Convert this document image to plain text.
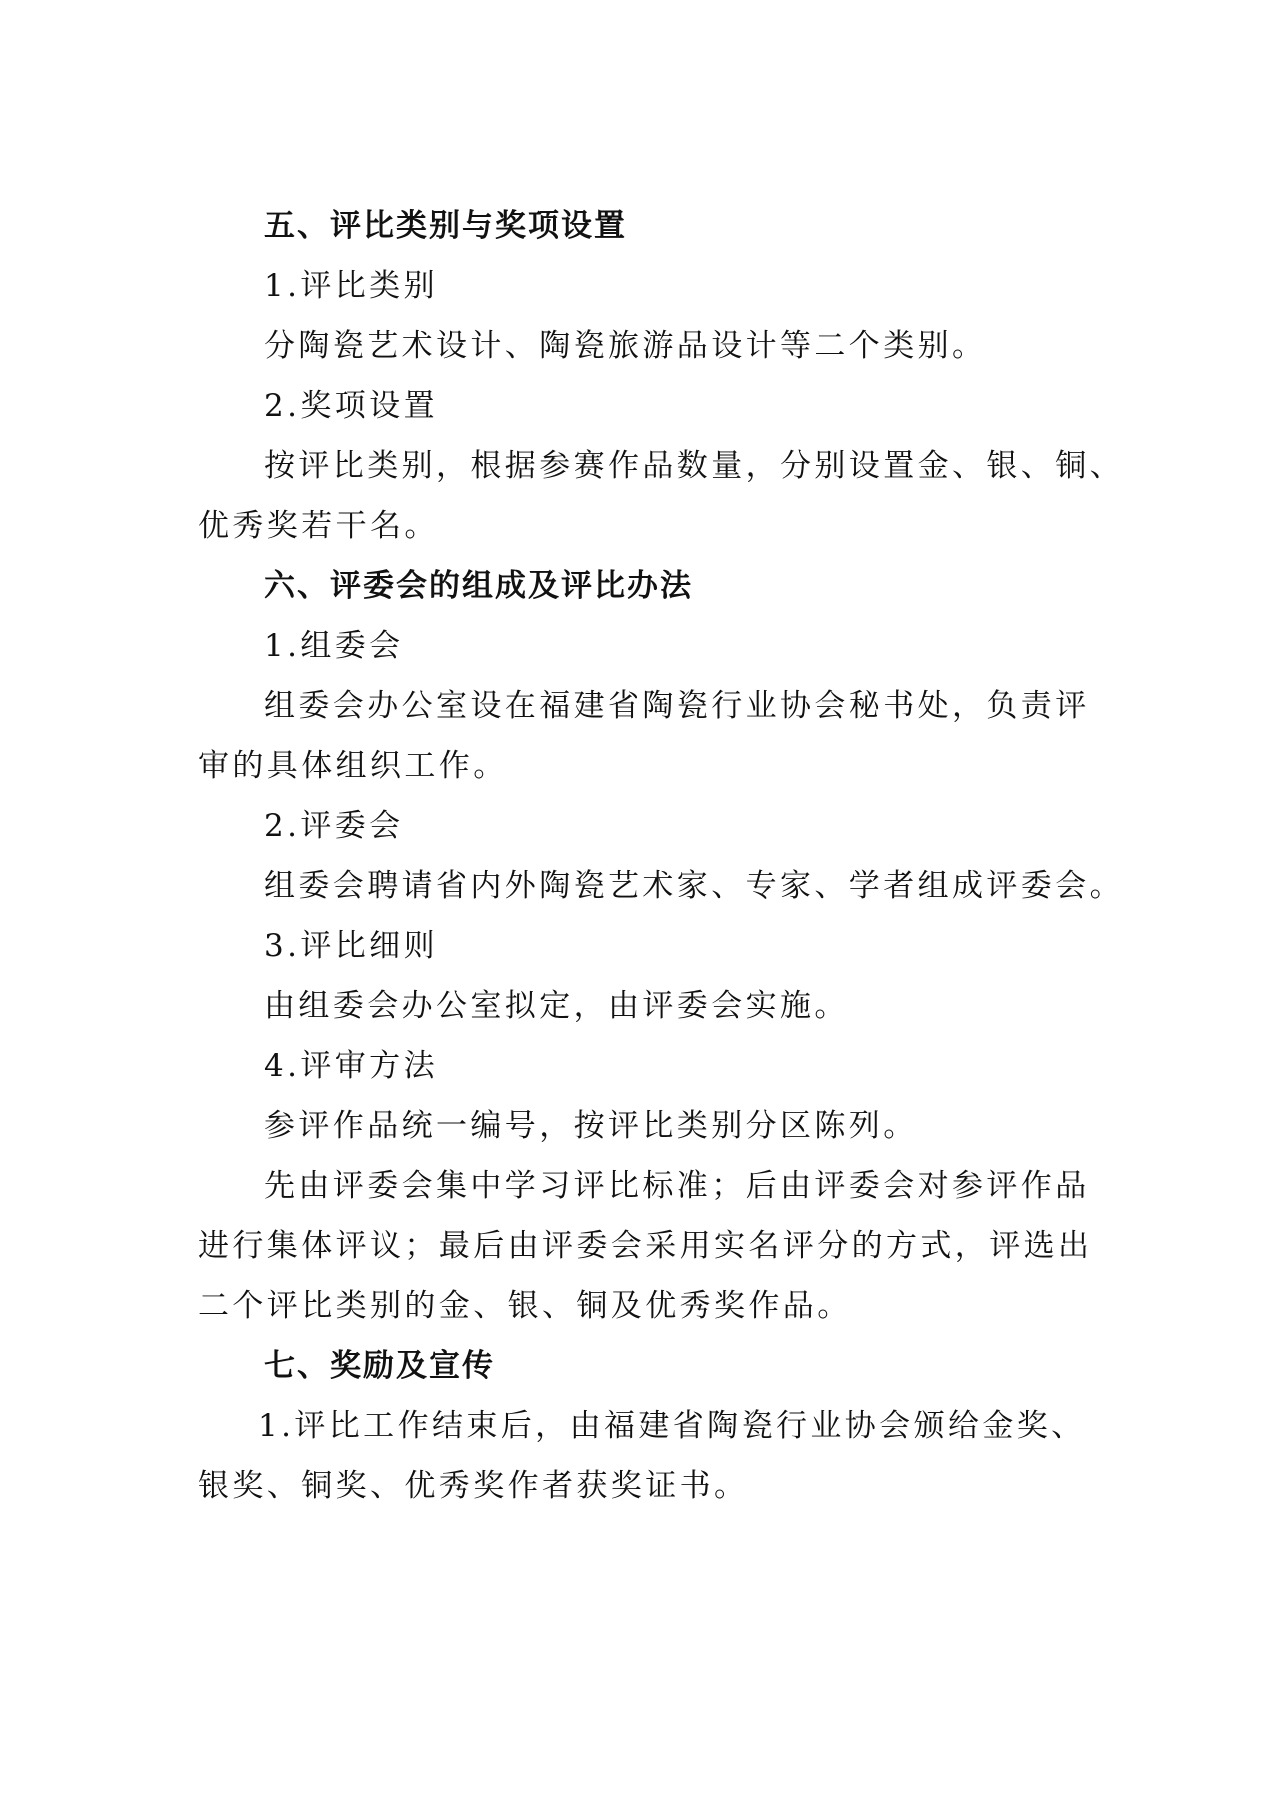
五、评比类别与奖项设置

1.评比类别

分陶瓷艺术设计、陶瓷旅游品设计等二个类别。

2.奖项设置

按评比类别，根据参赛作品数量，分别设置金、银、铜、

优秀奖若干名。

六、评委会的组成及评比办法

1.组委会

组委会办公室设在福建省陶瓷行业协会秘书处，负责评

审的具体组织工作。

2.评委会

组委会聘请省内外陶瓷艺术家、专家、学者组成评委会。

3.评比细则

由组委会办公室拟定，由评委会实施。

4.评审方法

参评作品统一编号，按评比类别分区陈列。

先由评委会集中学习评比标准；后由评委会对参评作品

进行集体评议；最后由评委会采用实名评分的方式，评选出

二个评比类别的金、银、铜及优秀奖作品。

七、奖励及宣传

1.评比工作结束后，由福建省陶瓷行业协会颁给金奖、

银奖、铜奖、优秀奖作者获奖证书。
